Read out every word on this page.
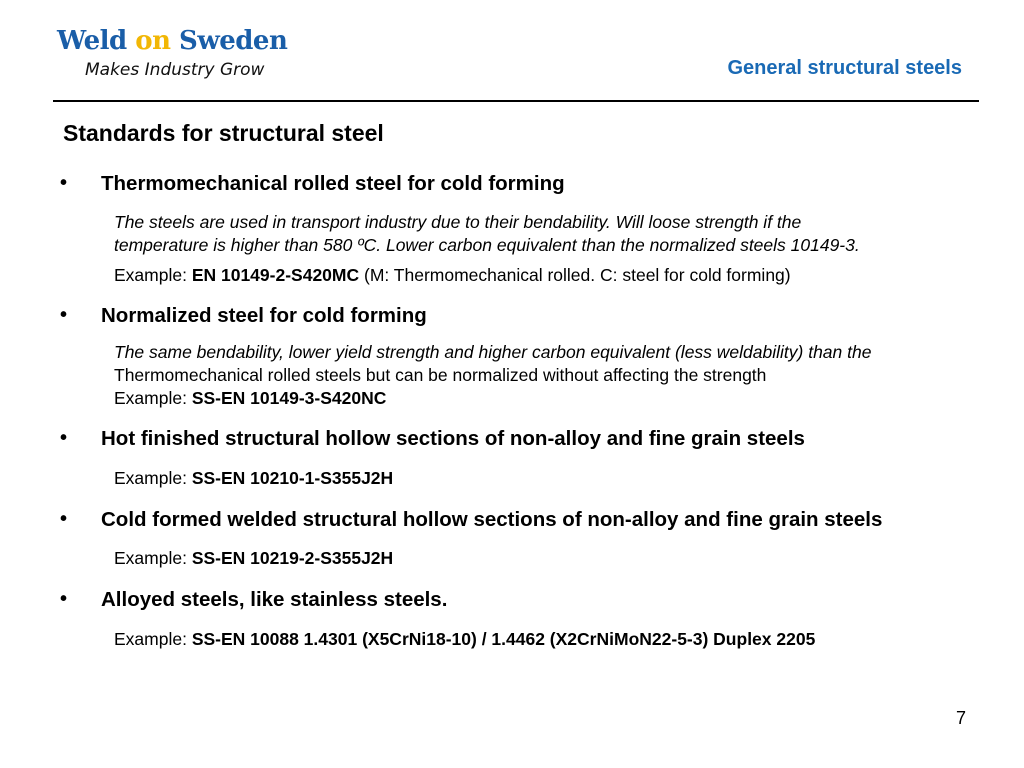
Weld on Sweden
Makes Industry Grow	General structural steels
Standards for structural steel
• Thermomechanical rolled steel for cold forming
The steels are used in transport industry due to their bendability. Will loose strength if the
temperature is higher than 580 ºC. Lower carbon equivalent than the normalized steels 10149-3.
Example: EN 10149-2-S420MC (M: Thermomechanical rolled. C: steel for cold forming)
• Normalized steel for cold forming
The same bendability, lower yield strength and higher carbon equivalent (less weldability) than the
Thermomechanical rolled steels but can be normalized without affecting the strength
Example: SS-EN 10149-3-S420NC
• Hot finished structural hollow sections of non-alloy and fine grain steels
Example: SS-EN 10210-1-S355J2H
• Cold formed welded structural hollow sections of non-alloy and fine grain steels
Example: SS-EN 10219-2-S355J2H
• Alloyed steels, like stainless steels.
Example: SS-EN 10088 1.4301 (X5CrNi18-10) / 1.4462 (X2CrNiMoN22-5-3) Duplex 2205
7
